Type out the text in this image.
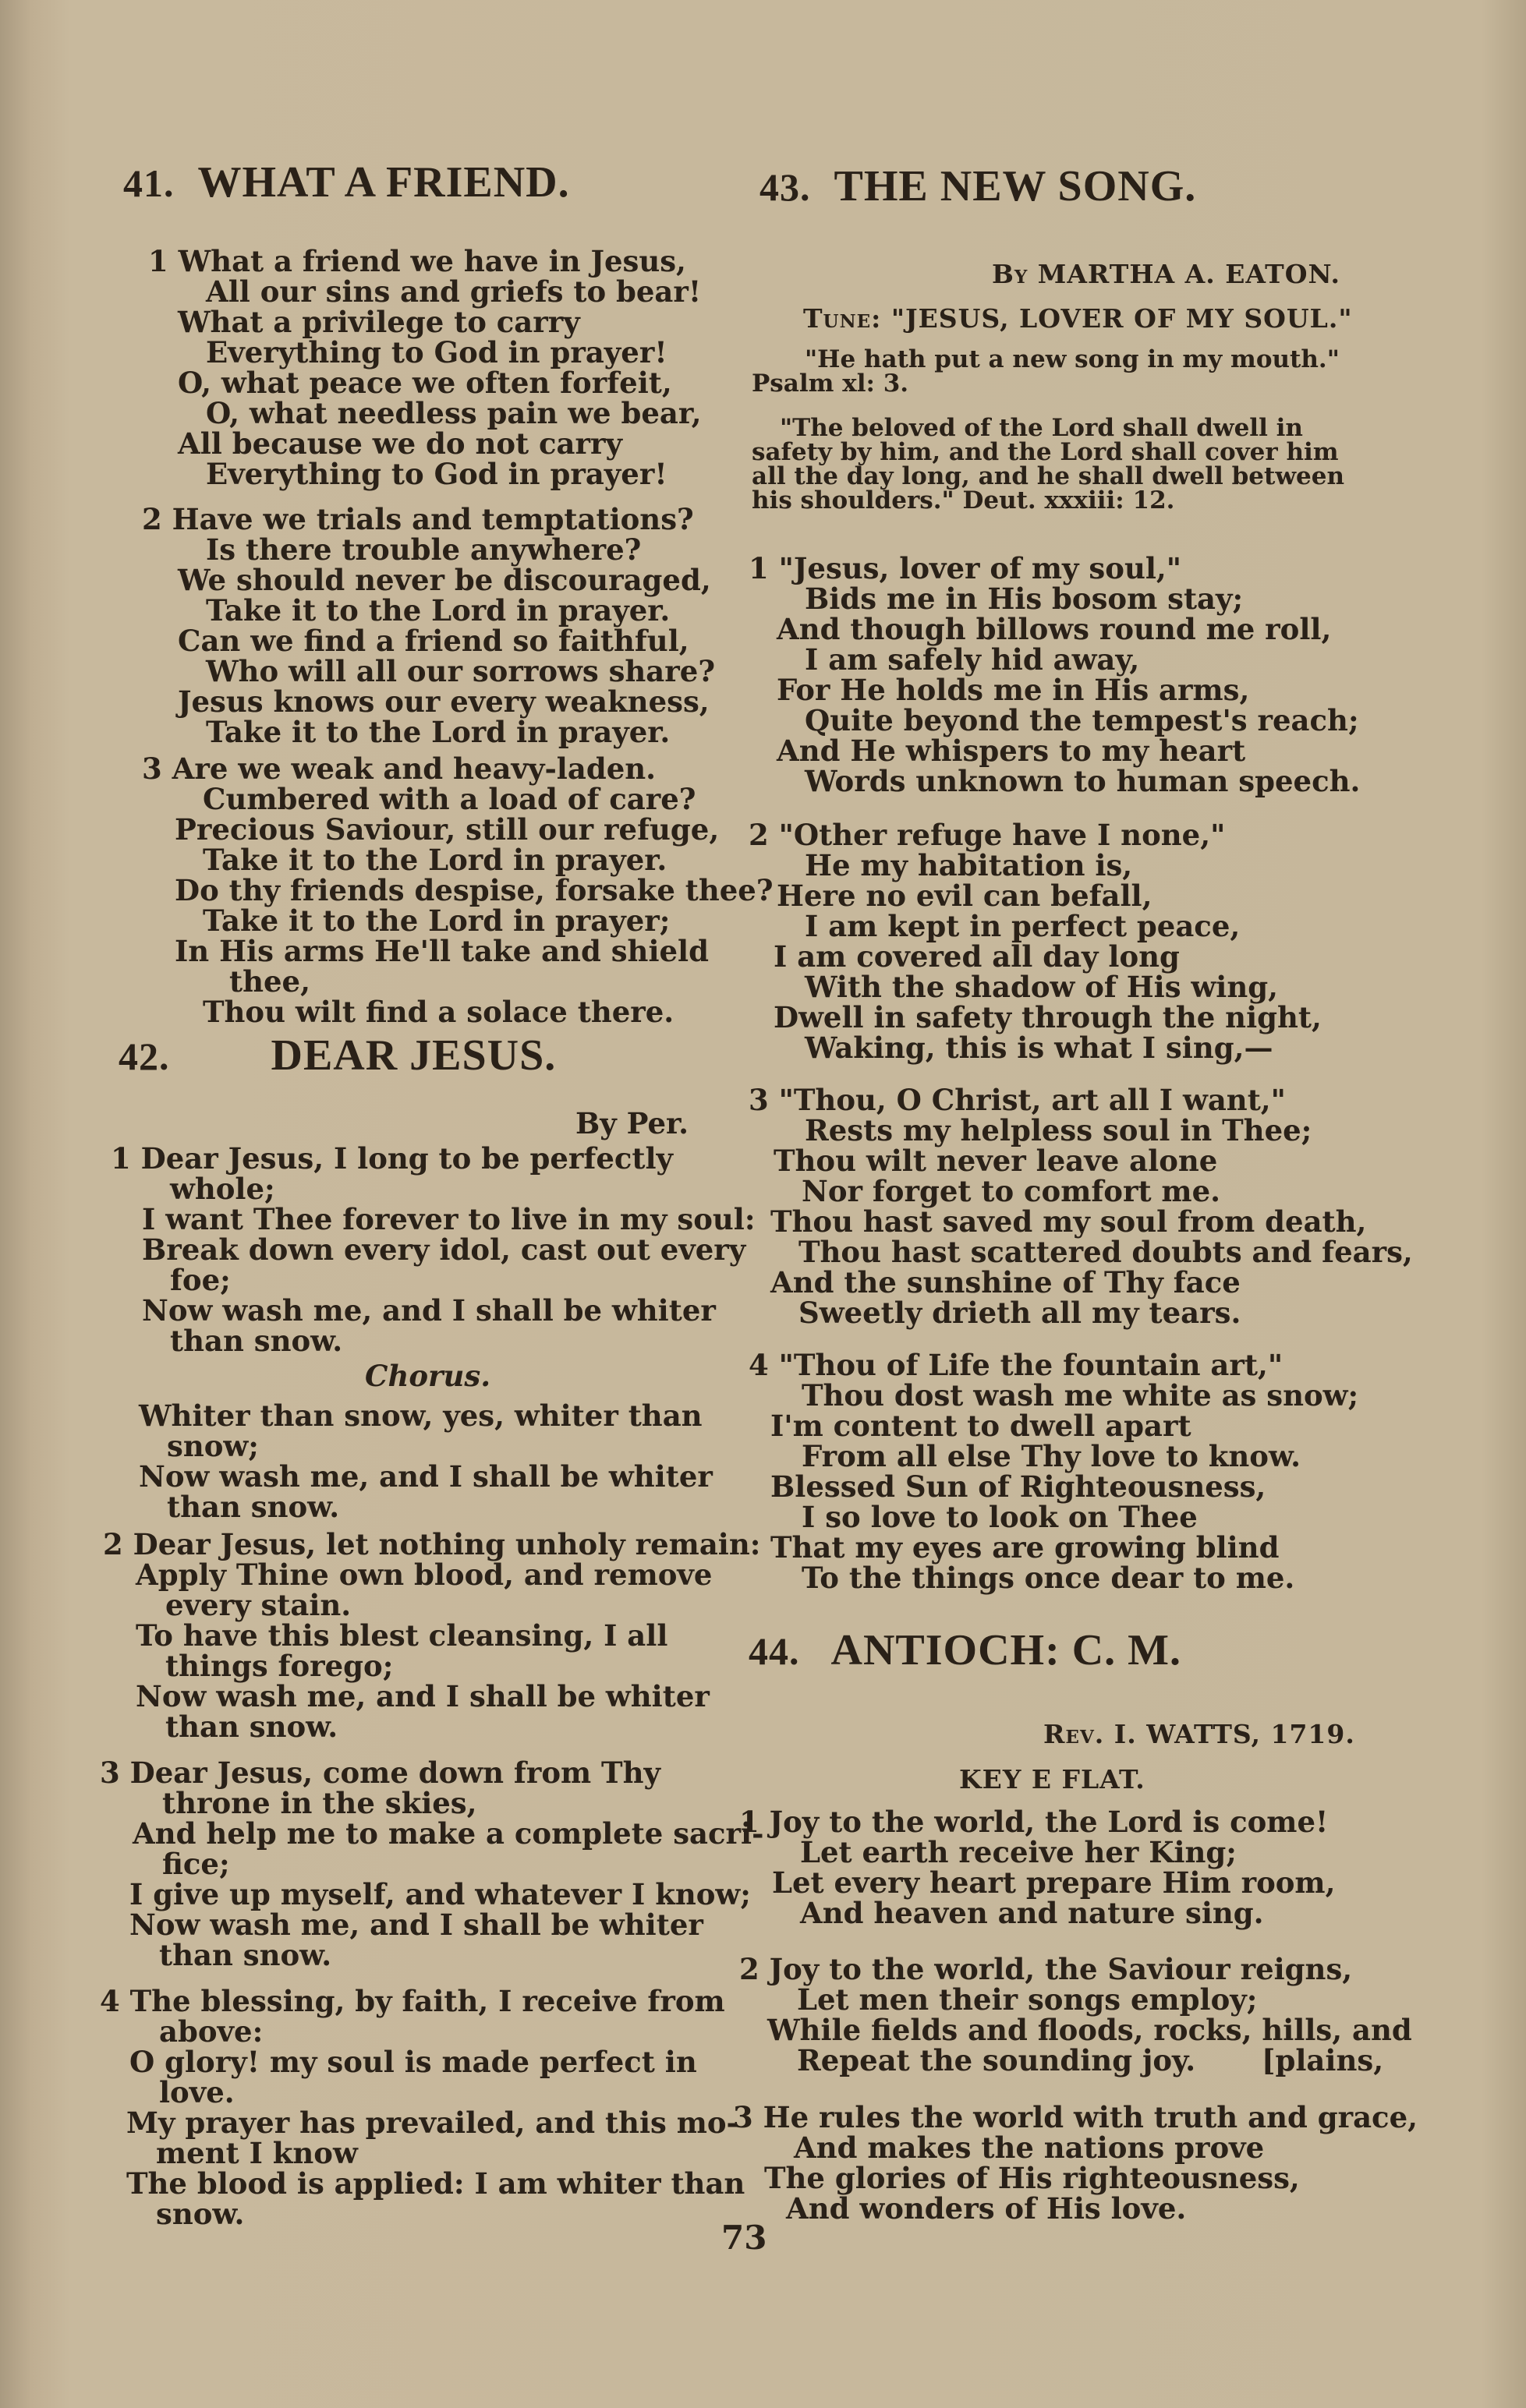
41. WHAT A FRIEND.
1 What a friend we have in Jesus,
All our sins and griefs to bear!
What a privilege to carry
Everything to God in prayer!
O, what peace we often forfeit,
O, what needless pain we bear,
All because we do not carry
Everything to God in prayer!
2 Have we trials and temptations?
Is there trouble anywhere?
We should never be discouraged,
Take it to the Lord in prayer.
Can we find a friend so faithful,
Who will all our sorrows share?
Jesus knows our every weakness,
Take it to the Lord in prayer.
3 Are we weak and heavy-laden.
Cumbered with a load of care?
Precious Saviour, still our refuge,
Take it to the Lord in prayer.
Do thy friends despise, forsake thee?
Take it to the Lord in prayer;
In His arms He'll take and shield
thee,
Thou wilt find a solace there.
42. DEAR JESUS.
By Per.
1 Dear Jesus, I long to be perfectly
whole;
I want Thee forever to live in my soul:
Break down every idol, cast out every
foe;
Now wash me, and I shall be whiter
than snow.
Chorus.
Whiter than snow, yes, whiter than
snow;
Now wash me, and I shall be whiter
than snow.
2 Dear Jesus, let nothing unholy remain:
Apply Thine own blood, and remove
every stain.
To have this blest cleansing, I all
things forego;
Now wash me, and I shall be whiter
than snow.
3 Dear Jesus, come down from Thy
throne in the skies,
And help me to make a complete sacri-
fice;
I give up myself, and whatever I know;
Now wash me, and I shall be whiter
than snow.
4 The blessing, by faith, I receive from
above:
O glory! my soul is made perfect in
love.
My prayer has prevailed, and this mo-
ment I know
The blood is applied: I am whiter than
snow.
43. THE NEW SONG.
By MARTHA A. EATON.
Tune: "JESUS, LOVER OF MY SOUL."
"He hath put a new song in my mouth."
Psalm xl: 3.
"The beloved of the Lord shall dwell in
safety by him, and the Lord shall cover him
all the day long, and he shall dwell between
his shoulders." Deut. xxxiii: 12.
1 "Jesus, lover of my soul,"
Bids me in His bosom stay;
And though billows round me roll,
I am safely hid away,
For He holds me in His arms,
Quite beyond the tempest's reach;
And He whispers to my heart
Words unknown to human speech.
2 "Other refuge have I none,"
He my habitation is,
Here no evil can befall,
I am kept in perfect peace,
I am covered all day long
With the shadow of His wing,
Dwell in safety through the night,
Waking, this is what I sing,—
3 "Thou, O Christ, art all I want,"
Rests my helpless soul in Thee;
Thou wilt never leave alone
Nor forget to comfort me.
Thou hast saved my soul from death,
Thou hast scattered doubts and fears,
And the sunshine of Thy face
Sweetly drieth all my tears.
4 "Thou of Life the fountain art,"
Thou dost wash me white as snow;
I'm content to dwell apart
From all else Thy love to know.
Blessed Sun of Righteousness,
I so love to look on Thee
That my eyes are growing blind
To the things once dear to me.
44. ANTIOCH: C. M.
Rev. I. WATTS, 1719.
KEY E FLAT.
1 Joy to the world, the Lord is come!
Let earth receive her King;
Let every heart prepare Him room,
And heaven and nature sing.
2 Joy to the world, the Saviour reigns,
Let men their songs employ;
While fields and floods, rocks, hills, and
Repeat the sounding joy. [plains,
3 He rules the world with truth and grace,
And makes the nations prove
The glories of His righteousness,
And wonders of His love.
73
